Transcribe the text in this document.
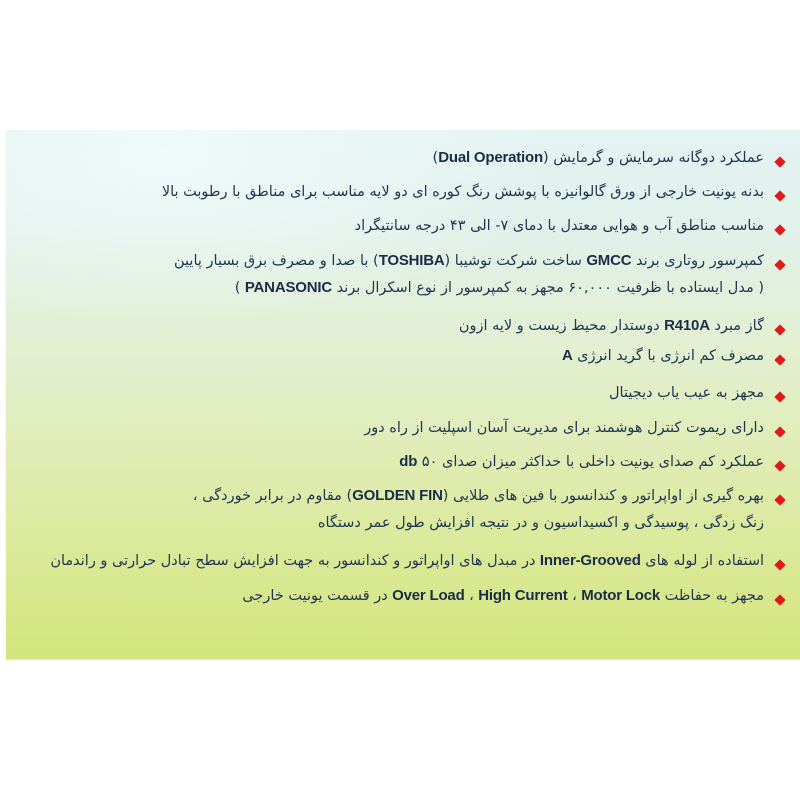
عملکرد دوگانه سرمایش و گرمایش (Dual Operation)
بدنه یونیت خارجی از ورق گالوانیزه با پوشش رنگ کوره ای دو لایه مناسب برای مناطق با رطوبت بالا
مناسب مناطق آب و هوایی معتدل با دمای ۷- الی ۴۳ درجه سانتیگراد
کمپرسور روتاری برند GMCC ساخت شرکت توشیبا (TOSHIBA) با صدا و مصرف برق بسیار پایین
( مدل ایستاده با ظرفیت ۶۰,۰۰۰ مجهز به کمپرسور از نوع اسکرال برند PANASONIC )
گاز مبرد R410A دوستدار محیط زیست و لایه ازون
مصرف کم انرژی با گرید انرژی A
مجهز به عیب یاب دیجیتال
دارای ریموت کنترل هوشمند برای مدیریت آسان اسپلیت از راه دور
عملکرد کم صدای یونیت داخلی با حداکثر میزان صدای ۵۰ db
بهره گیری از اواپراتور و کندانسور با فین های طلایی (GOLDEN FIN) مقاوم در برابر خوردگی ،
زنگ زدگی ، پوسیدگی و اکسیداسیون و در نتیجه افزایش طول عمر دستگاه
استفاده از لوله های Inner-Grooved در مبدل های اواپراتور و کندانسور به جهت افزایش سطح تبادل حرارتی و راندمان
مجهز به حفاظت Motor Lock ، High Current ، Over Load در قسمت یونیت خارجی
